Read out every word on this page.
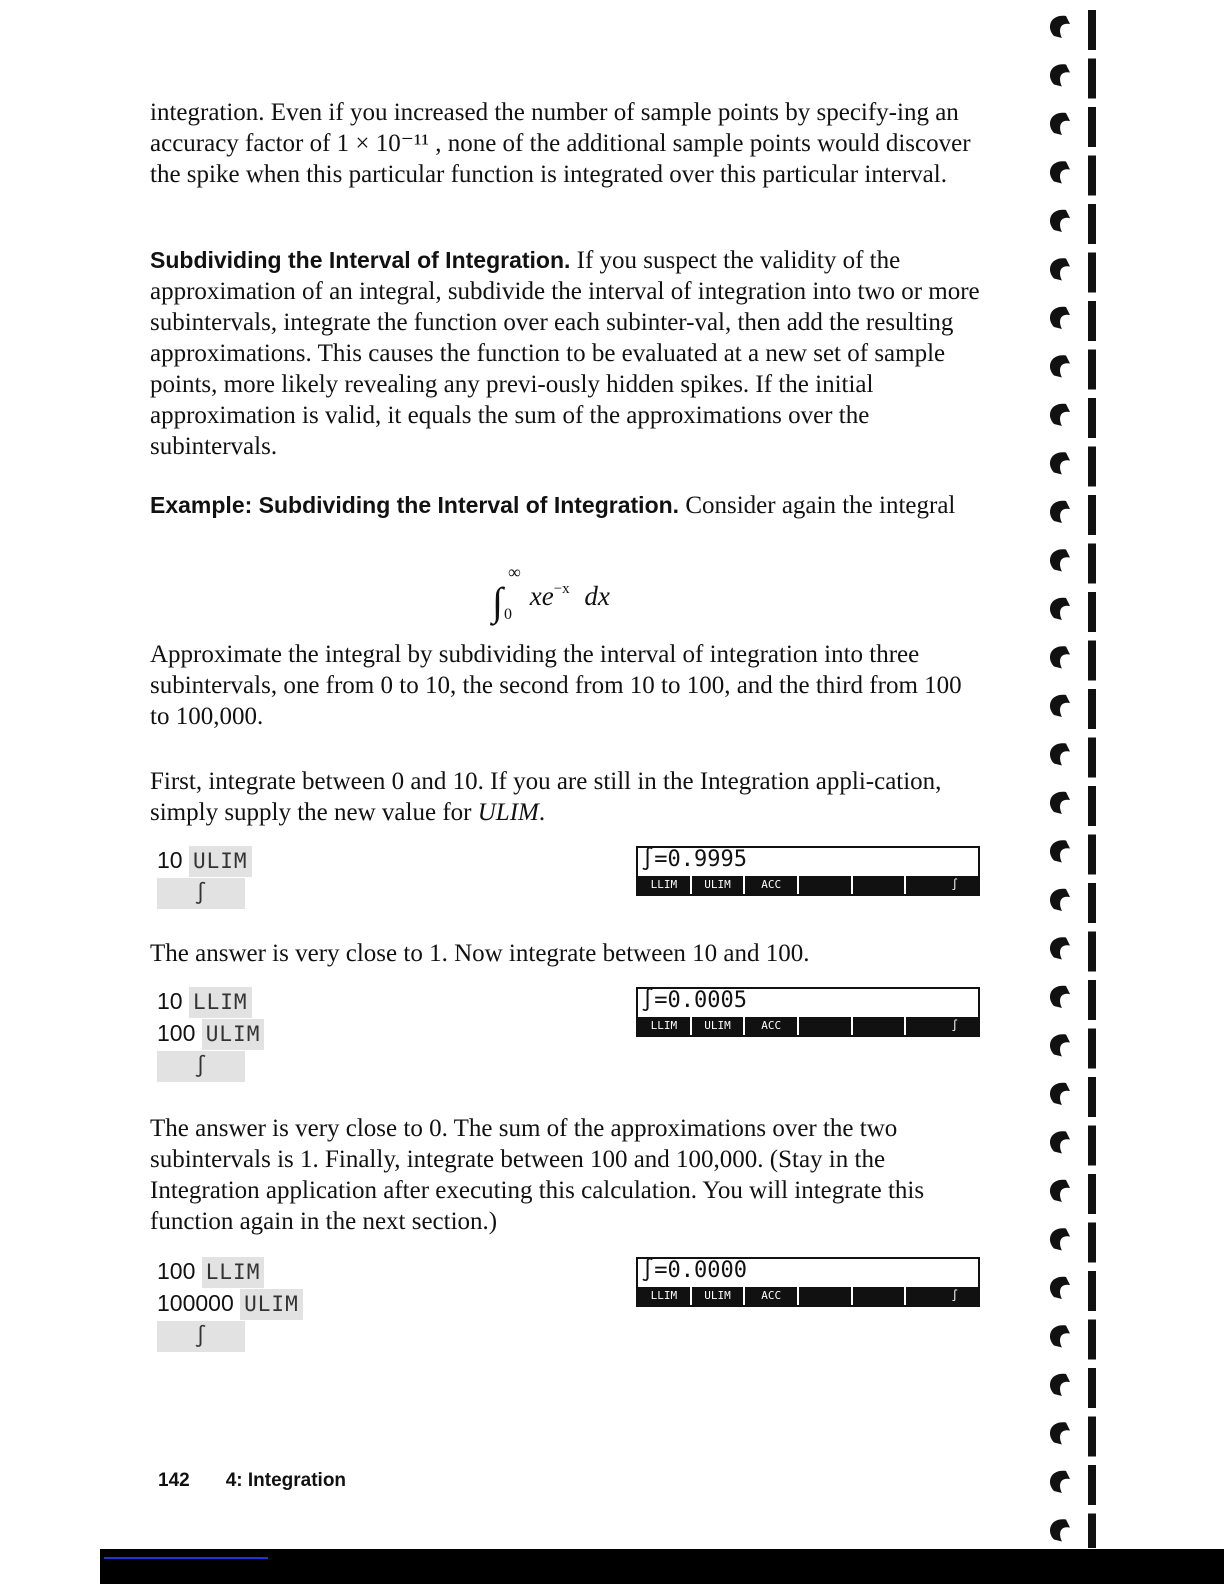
integration. Even if you increased the number of sample points by specify-ing an accuracy factor of 1 × 10⁻¹¹ , none of the additional sample points would discover the spike when this particular function is integrated over this particular interval.

Subdividing the Interval of Integration. If you suspect the validity of the approximation of an integral, subdivide the interval of integration into two or more subintervals, integrate the function over each subinter-val, then add the resulting approximations. This causes the function to be evaluated at a new set of sample points, more likely revealing any previ-ously hidden spikes. If the initial approximation is valid, it equals the sum of the approximations over the subintervals.

Example: Subdividing the Interval of Integration. Consider again the integral

∫
∞
0
$xe^{-x}$ dx

Approximate the integral by subdividing the interval of integration into three subintervals, one from 0 to 10, the second from 10 to 100, and the third from 100 to 100,000.

First, integrate between 0 and 10. If you are still in the Integration appli-cation, simply supply the new value for ULIM.

10 ULIM
∫
∫=0.9995
LLIM	ULIM	ACC	∫

The answer is very close to 1. Now integrate between 10 and 100.

10 LLIM
100 ULIM
∫
∫=0.0005
LLIM	ULIM	ACC	∫

The answer is very close to 0. The sum of the approximations over the two subintervals is 1. Finally, integrate between 100 and 100,000. (Stay in the Integration application after executing this calculation. You will integrate this function again in the next section.)

100 LLIM
100000 ULIM
∫
∫=0.0000
LLIM	ULIM	ACC	∫
142 4: Integration
